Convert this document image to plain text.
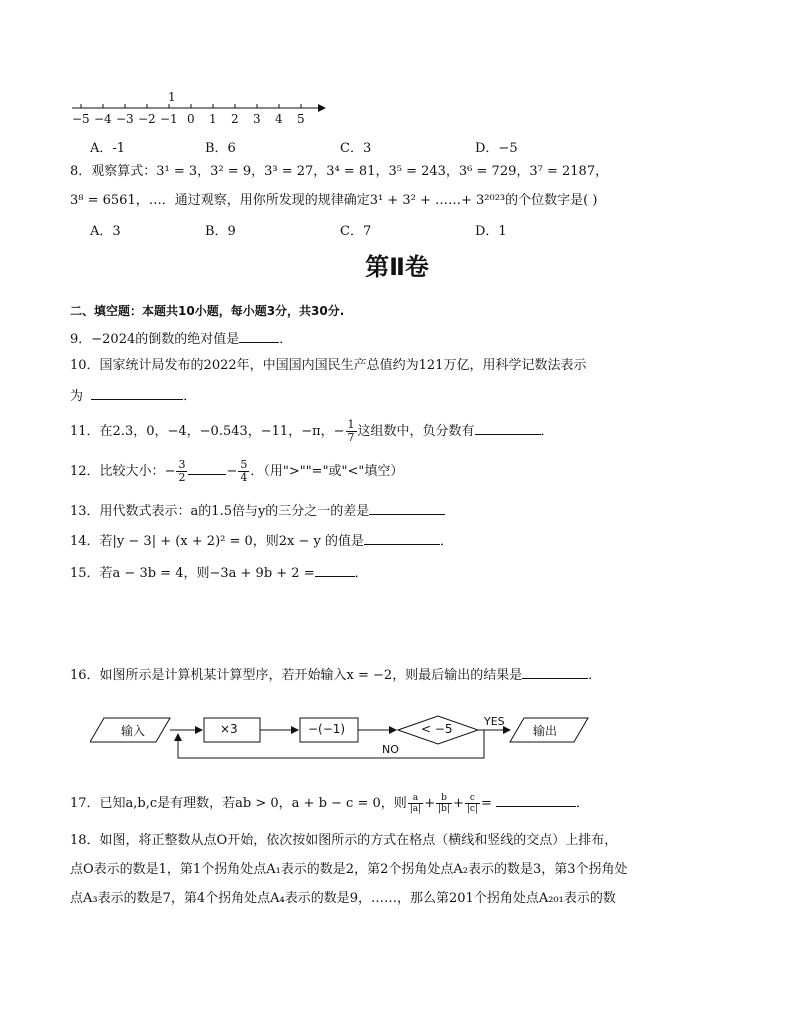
1
−5 −4 −3 −2 −1 0 1 2 3 4 5
A．-1	B．6	C．3	D．−5
8．观察算式：3¹ = 3，3² = 9，3³ = 27，3⁴ = 81，3⁵ = 243，3⁶ = 729，3⁷ = 2187，
3⁸ = 6561，…．通过观察，用你所发现的规律确定3¹ + 3² + ……+ 3²⁰²³的个位数字是( )
A．3	B．9	C．7	D．1
第Ⅱ卷
二、填空题：本题共10小题，每小题3分，共30分.
9．−2024的倒数的绝对值是	．
10．国家统计局发布的2022年，中国国内国民生产总值约为121万亿，用科学记数法表示
为	．
11．在2.3，0，−4，−0.543，−11，−π，− $\frac{1}{7}$ 这组数中，负分数有	．
12．比较大小：− $\frac{3}{2}$	− $\frac{5}{4}$ ．（用">""="或"<"填空）
13．用代数式表示：a的1.5倍与y的三分之一的差是
14．若|y − 3| + (x + 2)² = 0，则2x − y 的值是	．
15．若a − 3b = 4，则−3a + 9b + 2 =	．
16．如图所示是计算机某计算型序，若开始输入x = −2，则最后输出的结果是	．
输入	×3	−(−1)	< −5
YES
输出
NO
17．已知a,b,c是有理数，若ab > 0，a + b − c = 0，则 $\frac{a}{|a|} + \frac{b}{|b|} + \frac{c}{|c|}$ =	．
18．如图，将正整数从点O开始，依次按如图所示的方式在格点（横线和竖线的交点）上排布，
点O表示的数是1，第1个拐角处点A₁表示的数是2，第2个拐角处点A₂表示的数是3，第3个拐角处
点A₃表示的数是7，第4个拐角处点A₄表示的数是9，……，那么第201个拐角处点A₂₀₁表示的数
